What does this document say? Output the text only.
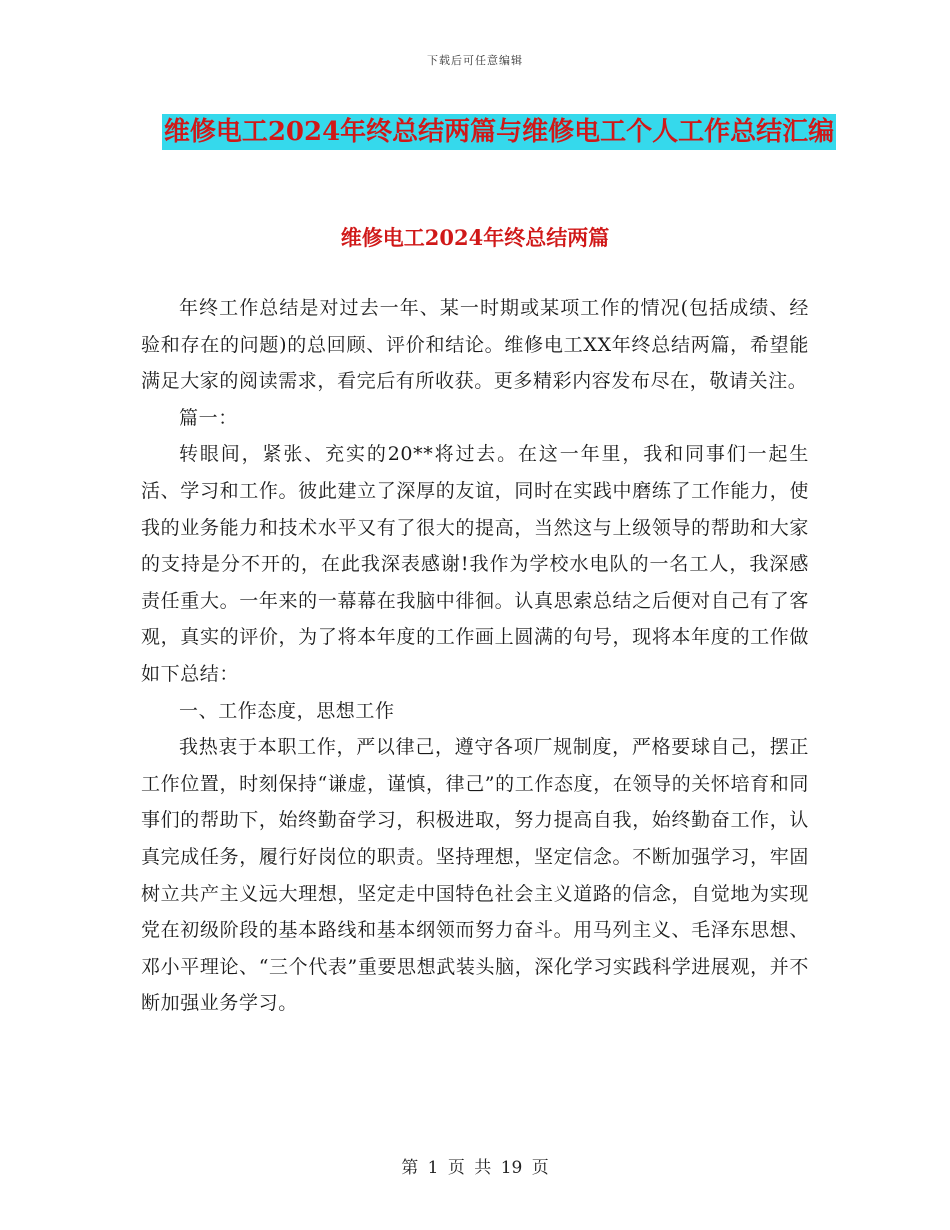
下载后可任意编辑
维修电工2024年终总结两篇与维修电工个人工作总结汇编
维修电工2024年终总结两篇

年终工作总结是对过去一年、某一时期或某项工作的情况(包括成绩、经验和存在的问题)的总回顾、评价和结论。维修电工XX年终总结两篇，希望能满足大家的阅读需求，看完后有所收获。更多精彩内容发布尽在，敬请关注。

篇一：

转眼间，紧张、充实的20**将过去。在这一年里，我和同事们一起生活、学习和工作。彼此建立了深厚的友谊，同时在实践中磨练了工作能力，使我的业务能力和技术水平又有了很大的提高，当然这与上级领导的帮助和大家的支持是分不开的，在此我深表感谢!我作为学校水电队的一名工人，我深感责任重大。一年来的一幕幕在我脑中徘徊。认真思索总结之后便对自己有了客观，真实的评价，为了将本年度的工作画上圆满的句号，现将本年度的工作做如下总结：

一、工作态度，思想工作

我热衷于本职工作，严以律己，遵守各项厂规制度，严格要球自己，摆正工作位置，时刻保持“谦虚，谨慎，律己”的工作态度，在领导的关怀培育和同事们的帮助下，始终勤奋学习，积极进取，努力提高自我，始终勤奋工作，认真完成任务，履行好岗位的职责。坚持理想，坚定信念。不断加强学习，牢固树立共产主义远大理想，坚定走中国特色社会主义道路的信念，自觉地为实现党在初级阶段的基本路线和基本纲领而努力奋斗。用马列主义、毛泽东思想、邓小平理论、“三个代表”重要思想武装头脑，深化学习实践科学进展观，并不断加强业务学习。

第 1 页 共 19 页
